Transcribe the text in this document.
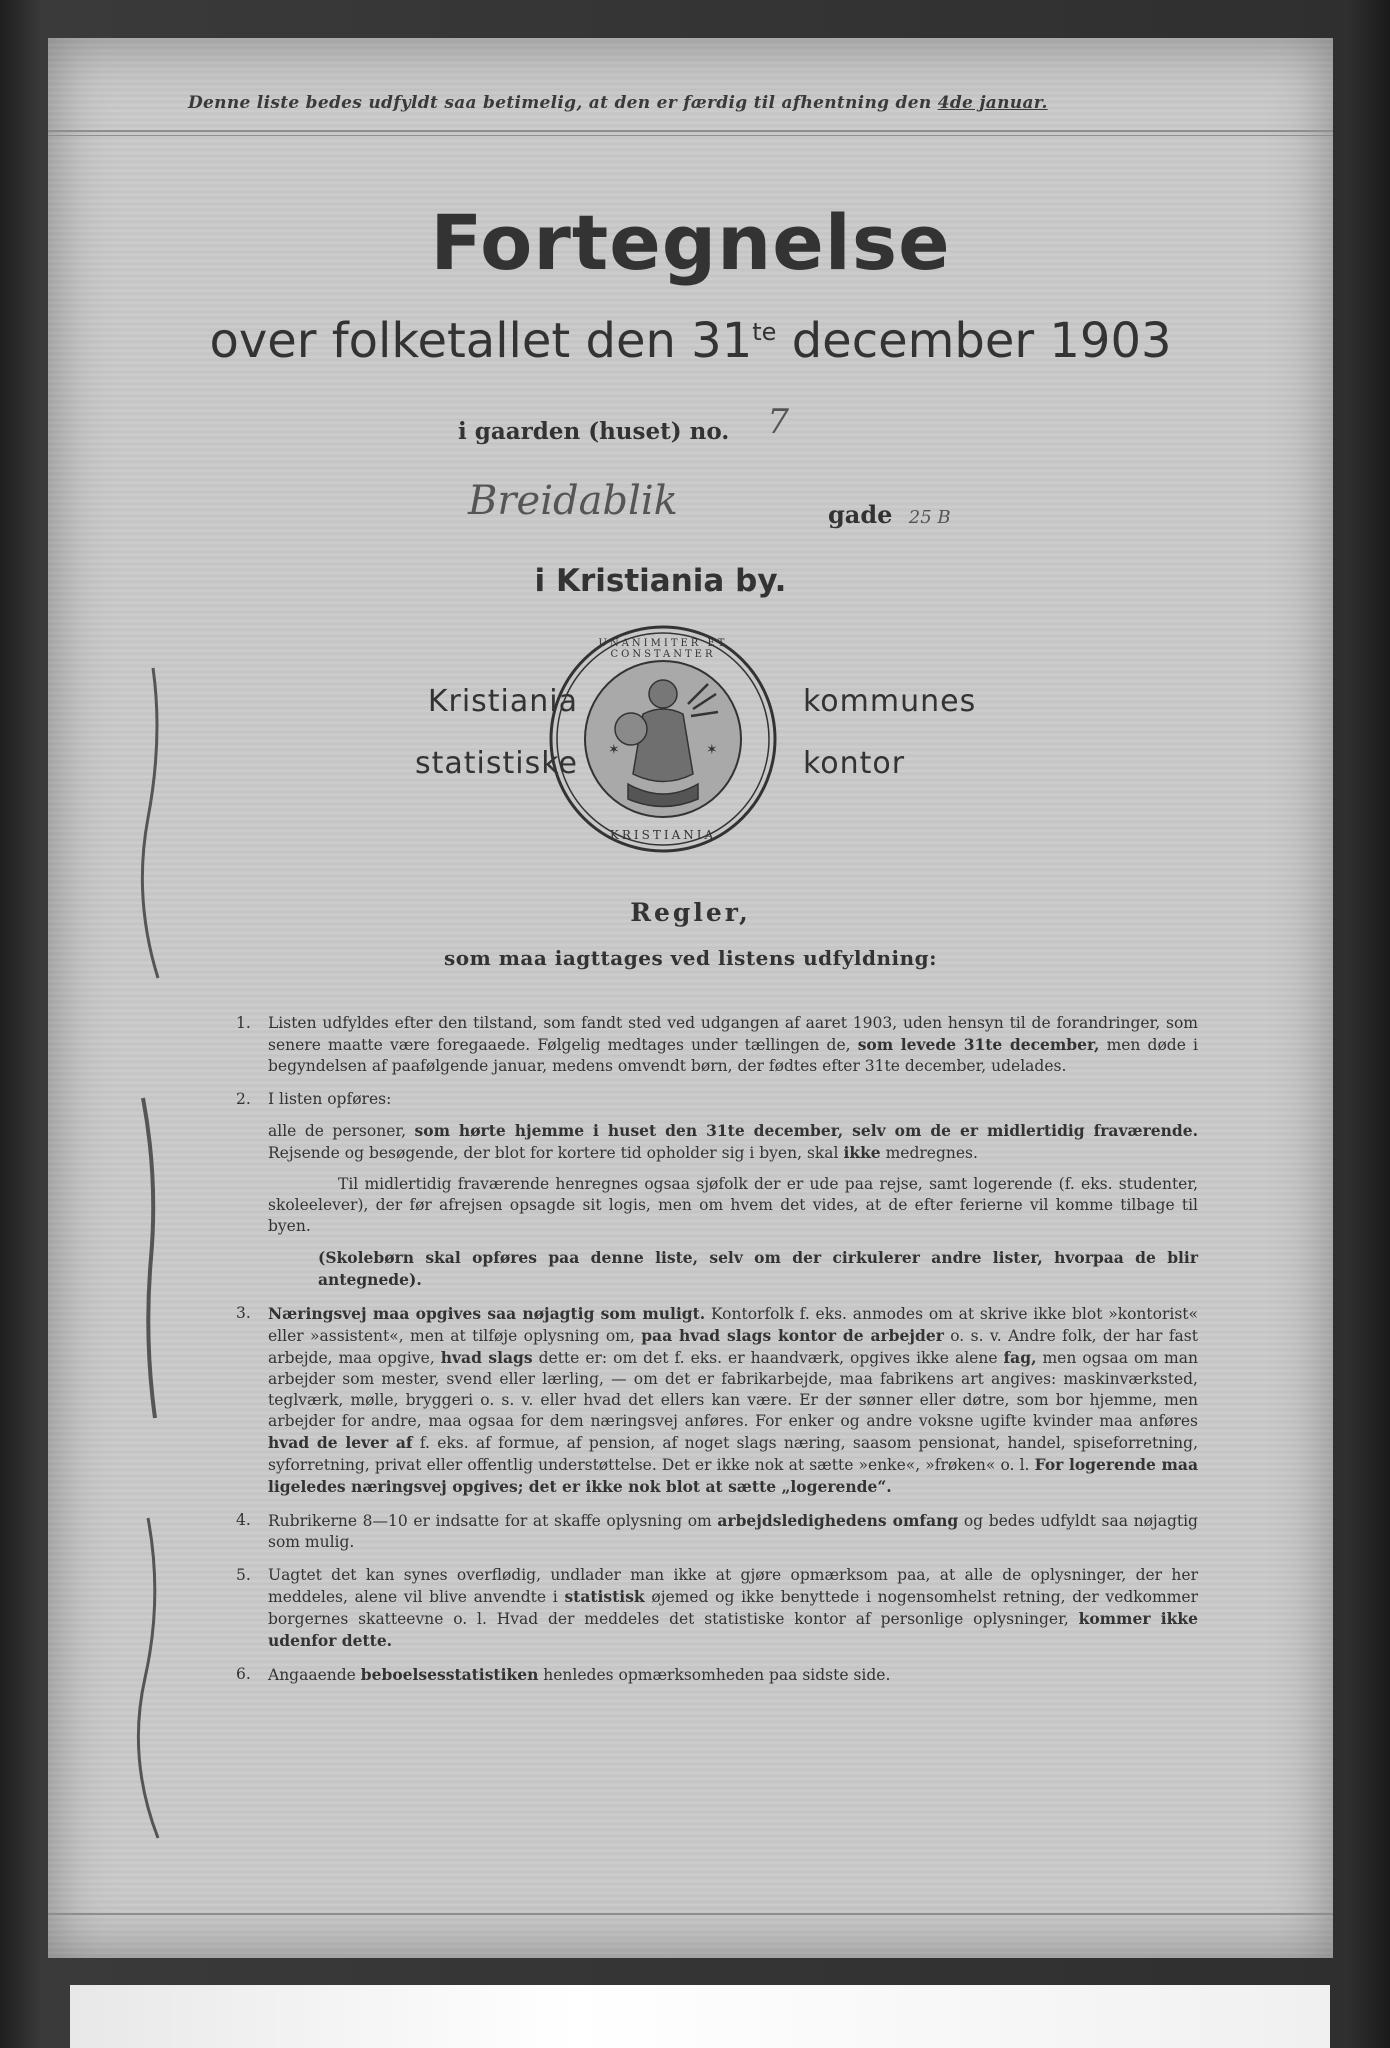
Denne liste bedes udfyldt saa betimelig, at den er færdig til afhentning den 4de januar.
Fortegnelse
over folketallet den $31^{te}$ december 1903
i gaarden (huset) no. 7
Breidablik	gade 25 B
i Kristiania by.
Kristiania
statistiske
kommunes
kontor
✶	✶
UNANIMITER ET CONSTANTER
KRISTIANIA
Regler,
som maa iagttages ved listens udfyldning:
1. Listen udfyldes efter den tilstand, som fandt sted ved udgangen af aaret 1903, uden hensyn til de forandringer, som senere maatte være foregaaede. Følgelig medtages under tællingen de, som levede 31te december, men døde i begyndelsen af paafølgende januar, medens omvendt børn, der fødtes efter 31te december, udelades.

2. I listen opføres:

alle de personer, som hørte hjemme i huset den 31te december, selv om de er midlertidig fraværende. Rejsende og besøgende, der blot for kortere tid opholder sig i byen, skal ikke medregnes.

Til midlertidig fraværende henregnes ogsaa sjøfolk der er ude paa rejse, samt logerende (f. eks. studenter, skoleelever), der før afrejsen opsagde sit logis, men om hvem det vides, at de efter ferierne vil komme tilbage til byen.

(Skolebørn skal opføres paa denne liste, selv om der cirkulerer andre lister, hvorpaa de blir antegnede).

3. Næringsvej maa opgives saa nøjagtig som muligt. Kontorfolk f. eks. anmodes om at skrive ikke blot »kontorist« eller »assistent«, men at tilføje oplysning om, paa hvad slags kontor de arbejder o. s. v. Andre folk, der har fast arbejde, maa opgive, hvad slags dette er: om det f. eks. er haandværk, opgives ikke alene fag, men ogsaa om man arbejder som mester, svend eller lærling, — om det er fabrikarbejde, maa fabrikens art angives: maskinværksted, teglværk, mølle, bryggeri o. s. v. eller hvad det ellers kan være. Er der sønner eller døtre, som bor hjemme, men arbejder for andre, maa ogsaa for dem næringsvej anføres. For enker og andre voksne ugifte kvinder maa anføres hvad de lever af f. eks. af formue, af pension, af noget slags næring, saasom pensionat, handel, spiseforretning, syforretning, privat eller offentlig understøttelse. Det er ikke nok at sætte »enke«, »frøken« o. l. For logerende maa ligeledes næringsvej opgives; det er ikke nok blot at sætte „logerende“.

4. Rubrikerne 8—10 er indsatte for at skaffe oplysning om arbejdsledighedens omfang og bedes udfyldt saa nøjagtig som mulig.

5. Uagtet det kan synes overflødig, undlader man ikke at gjøre opmærksom paa, at alle de oplysninger, der her meddeles, alene vil blive anvendte i statistisk øjemed og ikke benyttede i nogensomhelst retning, der vedkommer borgernes skatteevne o. l. Hvad der meddeles det statistiske kontor af personlige oplysninger, kommer ikke udenfor dette.

6. Angaaende beboelsesstatistiken henledes opmærksomheden paa sidste side.
